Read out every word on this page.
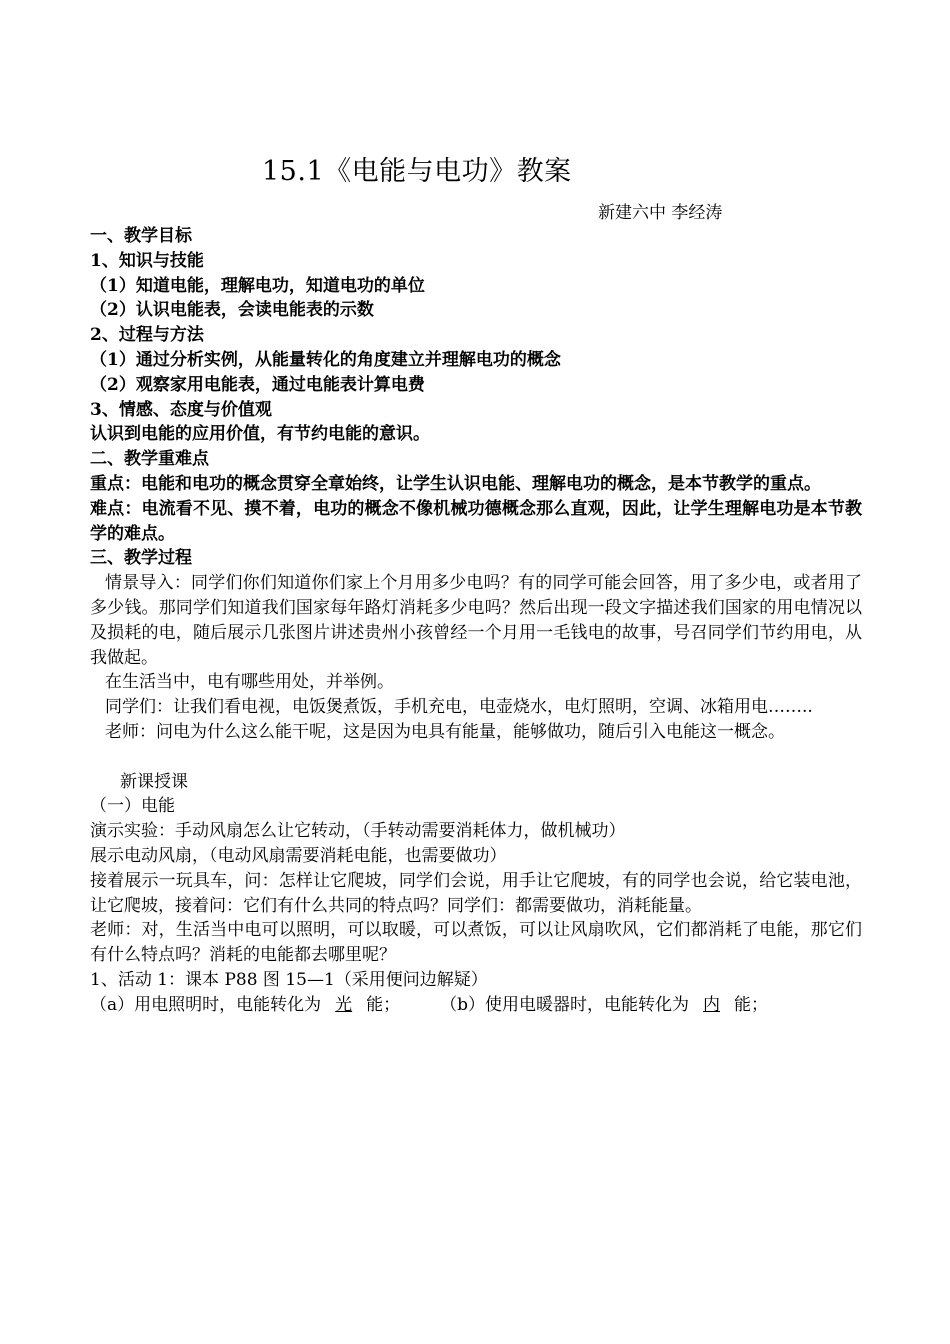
15.1《电能与电功》教案
新建六中 李经涛
一、教学目标
1、知识与技能
（1）知道电能，理解电功，知道电功的单位
（2）认识电能表，会读电能表的示数
2、过程与方法
（1）通过分析实例，从能量转化的角度建立并理解电功的概念
（2）观察家用电能表，通过电能表计算电费
3、情感、态度与价值观
认识到电能的应用价值，有节约电能的意识。
二、教学重难点
重点：电能和电功的概念贯穿全章始终，让学生认识电能、理解电功的概念，是本节教学的重点。
难点：电流看不见、摸不着，电功的概念不像机械功德概念那么直观，因此，让学生理解电功是本节教学的难点。
三、教学过程
情景导入：同学们你们知道你们家上个月用多少电吗？有的同学可能会回答，用了多少电，或者用了多少钱。那同学们知道我们国家每年路灯消耗多少电吗？然后出现一段文字描述我们国家的用电情况以及损耗的电，随后展示几张图片讲述贵州小孩曾经一个月用一毛钱电的故事，号召同学们节约用电，从我做起。
在生活当中，电有哪些用处，并举例。
同学们：让我们看电视，电饭煲煮饭，手机充电，电壶烧水，电灯照明，空调、冰箱用电……..
老师：问电为什么这么能干呢，这是因为电具有能量，能够做功，随后引入电能这一概念。
新课授课
（一）电能
演示实验：手动风扇怎么让它转动，（手转动需要消耗体力，做机械功）
展示电动风扇，（电动风扇需要消耗电能，也需要做功）
接着展示一玩具车，问：怎样让它爬坡，同学们会说，用手让它爬坡，有的同学也会说，给它装电池，让它爬坡，接着问：它们有什么共同的特点吗？同学们：都需要做功，消耗能量。
老师：对，生活当中电可以照明，可以取暖，可以煮饭，可以让风扇吹风，它们都消耗了电能，那它们有什么特点吗？消耗的电能都去哪里呢？
1、活动 1：课本 P88 图 15—1（采用便问边解疑）
（a）用电照明时，电能转化为 光 能； （b）使用电暖器时，电能转化为 内 能；
